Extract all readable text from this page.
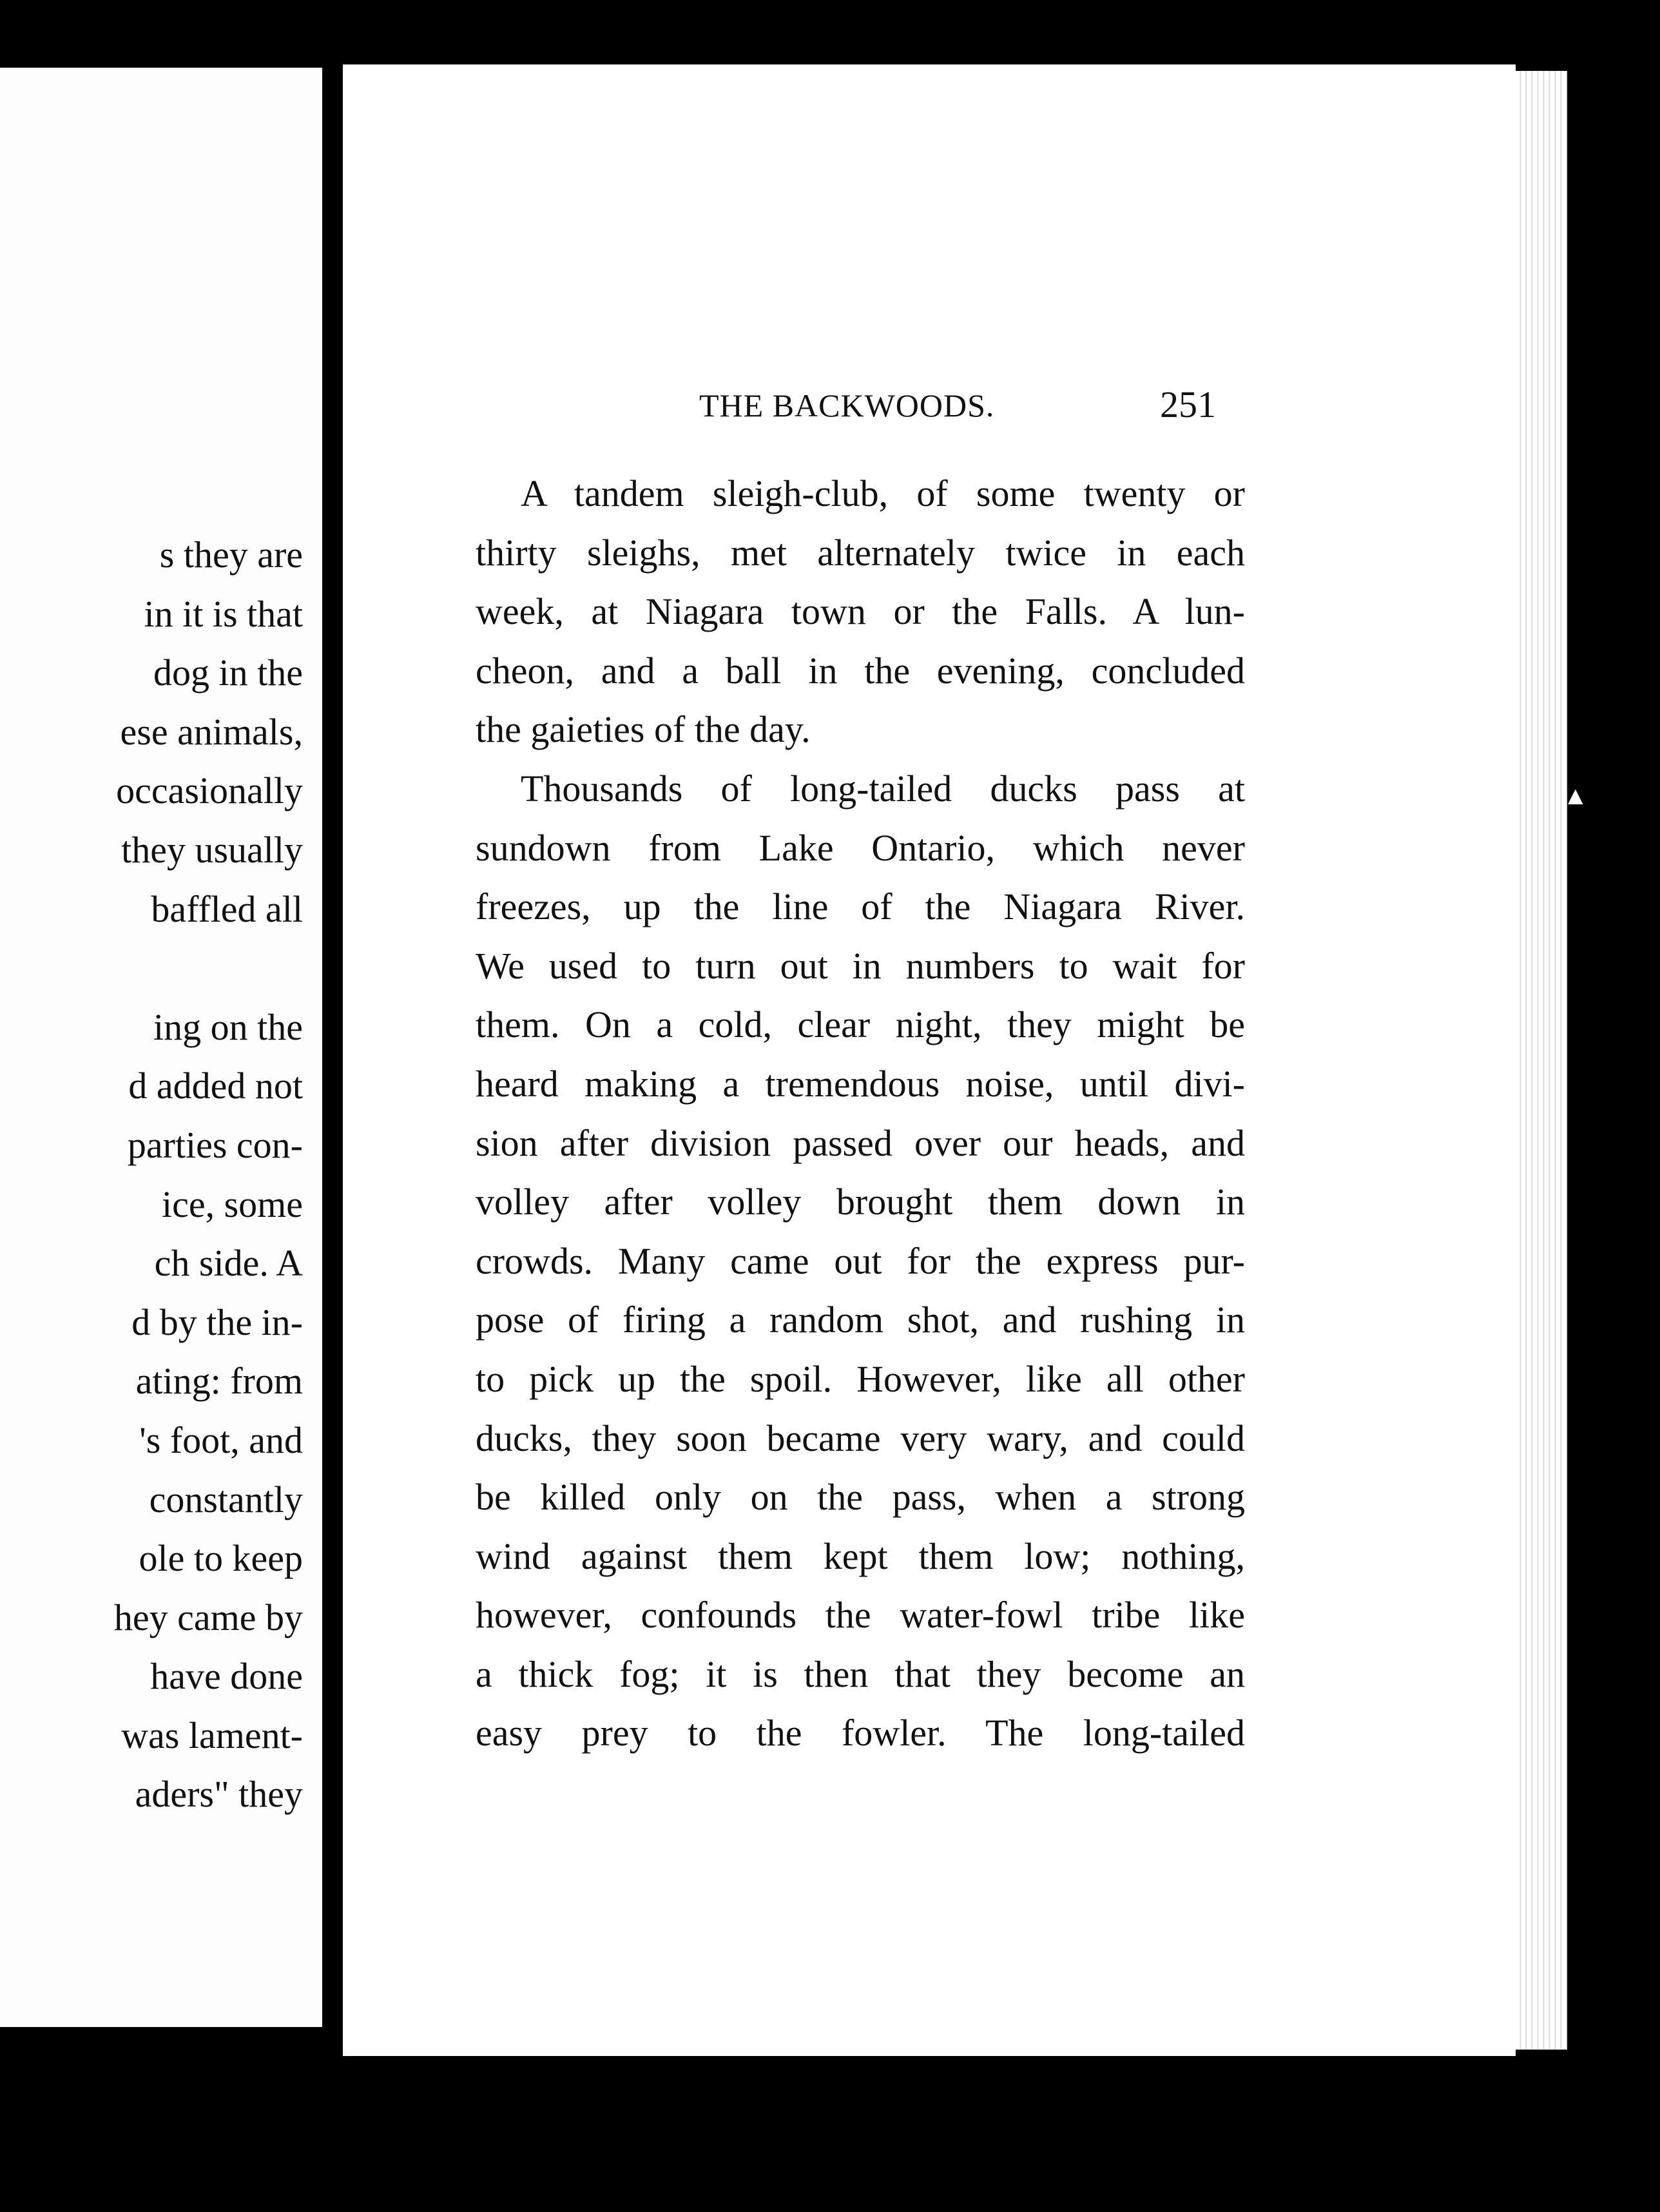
s they are
in it is that
dog in the
ese animals,
occasionally
they usually
baffled all
ing on the
d added not
parties con-
ice, some
ch side. A
d by the in-
ating: from
's foot, and
constantly
ole to keep
hey came by
have done
was lament-
aders" they
THE BACKWOODS.	251
A tandem sleigh-club, of some twenty or
thirty sleighs, met alternately twice in each
week, at Niagara town or the Falls. A lun-
cheon, and a ball in the evening, concluded
the gaieties of the day.
Thousands of long-tailed ducks pass at
sundown from Lake Ontario, which never
freezes, up the line of the Niagara River.
We used to turn out in numbers to wait for
them. On a cold, clear night, they might be
heard making a tremendous noise, until divi-
sion after division passed over our heads, and
volley after volley brought them down in
crowds. Many came out for the express pur-
pose of firing a random shot, and rushing in
to pick up the spoil. However, like all other
ducks, they soon became very wary, and could
be killed only on the pass, when a strong
wind against them kept them low; nothing,
however, confounds the water-fowl tribe like
a thick fog; it is then that they become an
easy prey to the fowler. The long-tailed
▲
